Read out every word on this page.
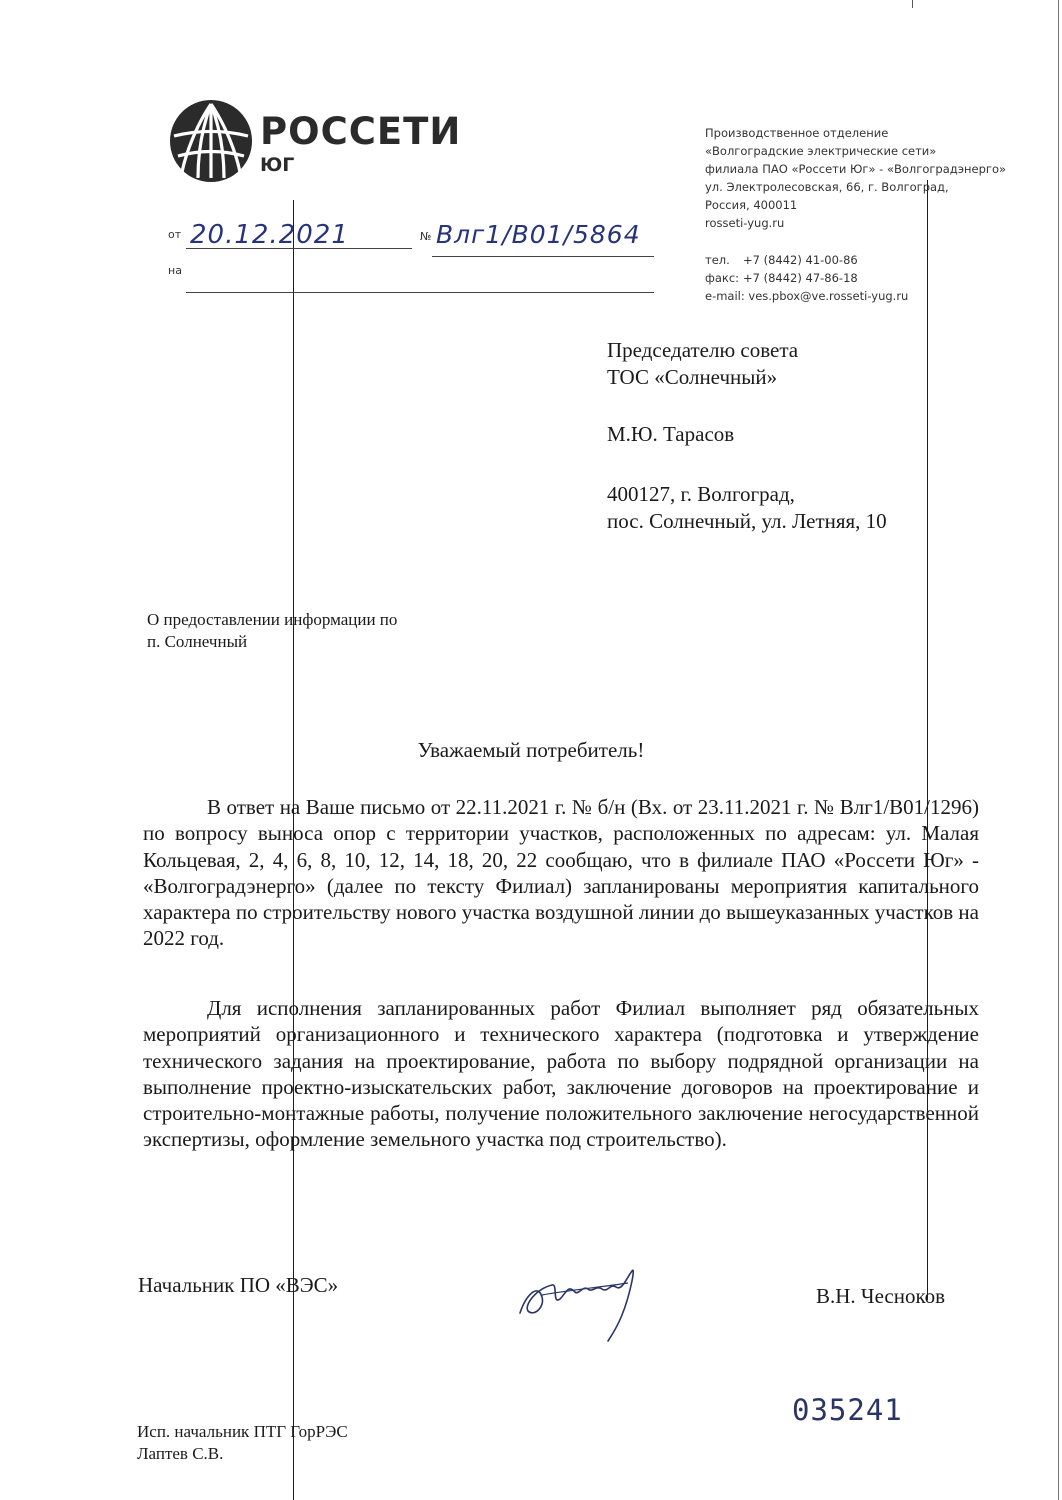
РОССЕТИ
ЮГ
от 20.12.2021	№ Влг1/В01/5864
на
Производственное отделение
«Волгоградские электрические сети»
филиала ПАО «Россети Юг» - «Волгоградэнерго»
ул. Электролесовская, 66, г. Волгоград,
Россия, 400011
rosseti-yug.ru
тел. +7 (8442) 41-00-86
факс: +7 (8442) 47-86-18
e-mail: ves.pbox@ve.rosseti-yug.ru
Председателю совета
ТОС «Солнечный»
М.Ю. Тарасов
400127, г. Волгоград,
пос. Солнечный, ул. Летняя, 10
О предоставлении информации по
п. Солнечный
Уважаемый потребитель!
В ответ на Ваше письмо от 22.11.2021 г. № б/н (Вх. от 23.11.2021 г. № Влг1/В01/1296) по вопросу выноса опор с территории участков, расположенных по адресам: ул. Малая Кольцевая, 2, 4, 6, 8, 10, 12, 14, 18, 20, 22 сообщаю, что в филиале ПАО «Россети Юг» - «Волгоградэнерго» (далее по тексту Филиал) запланированы мероприятия капитального характера по строительству нового участка воздушной линии до вышеуказанных участков на 2022 год.
Для исполнения запланированных работ Филиал выполняет ряд обязательных мероприятий организационного и технического характера (подготовка и утверждение технического задания на проектирование, работа по выбору подрядной организации на выполнение проектно-изыскательских работ, заключение договоров на проектирование и строительно-монтажные работы, получение положительного заключение негосударственной экспертизы, оформление земельного участка под строительство).
Начальник ПО «ВЭС»	В.Н. Чесноков
035241
Исп. начальник ПТГ ГорРЭС
Лаптев С.В.
